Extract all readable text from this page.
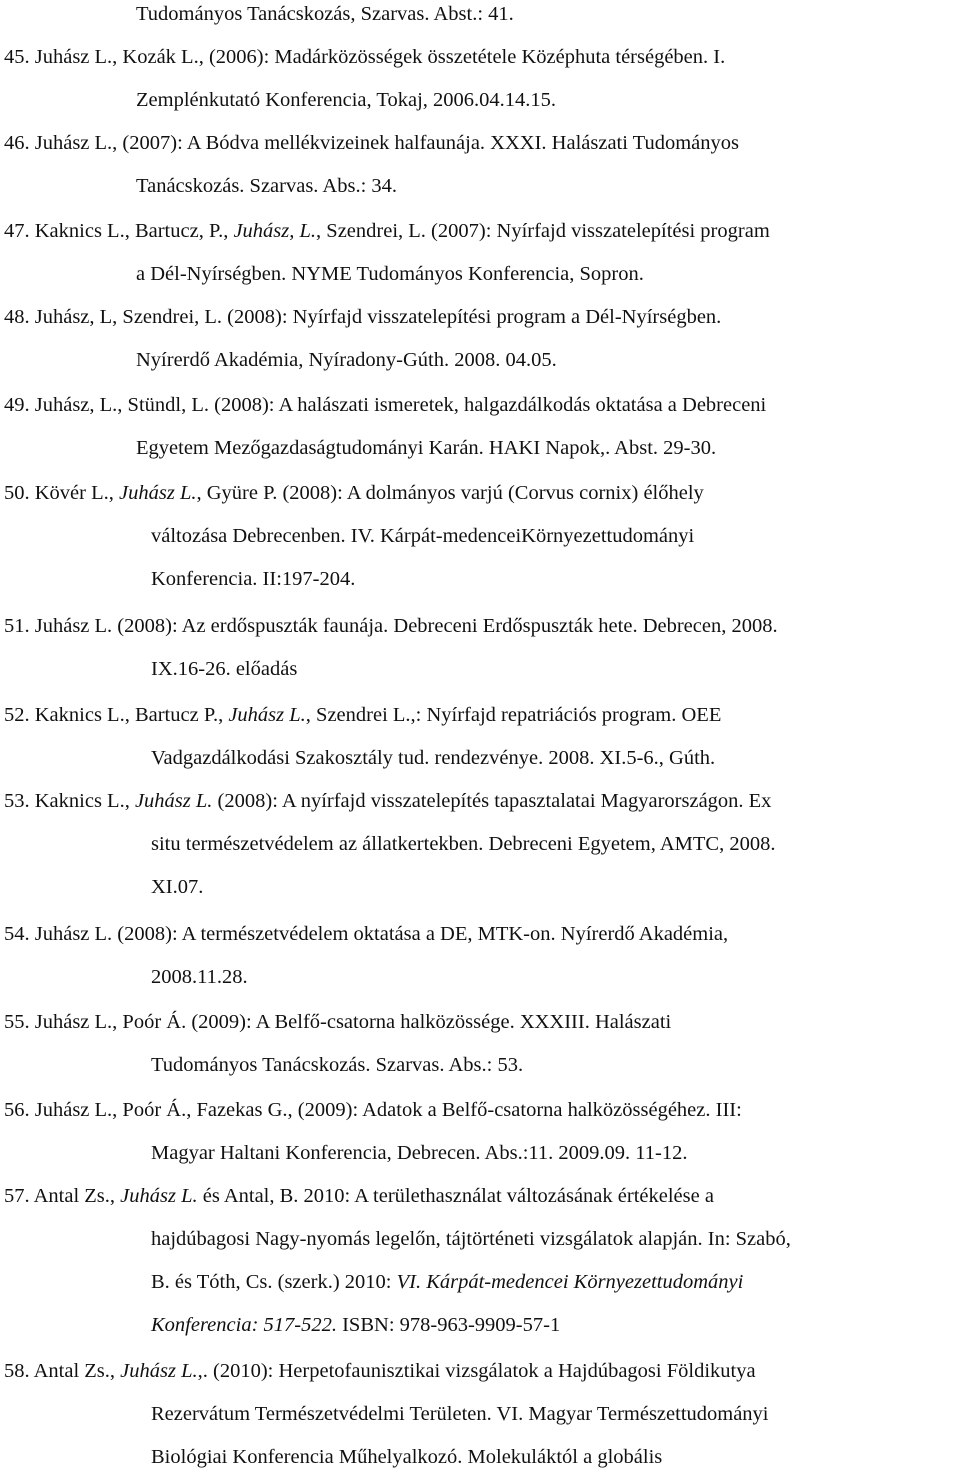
Tudományos Tanácskozás, Szarvas. Abst.: 41.
45. Juhász L., Kozák L., (2006): Madárközösségek összetétele Középhuta térségében. I.
Zemplénkutató Konferencia, Tokaj, 2006.04.14.15.
46. Juhász L., (2007): A Bódva mellékvizeinek halfaunája. XXXI. Halászati Tudományos
Tanácskozás. Szarvas. Abs.: 34.
47. Kaknics L., Bartucz, P., Juhász, L., Szendrei, L. (2007): Nyírfajd visszatelepítési program
a Dél-Nyírségben. NYME Tudományos Konferencia, Sopron.
48. Juhász, L, Szendrei, L. (2008): Nyírfajd visszatelepítési program a Dél-Nyírségben.
Nyírerdő Akadémia, Nyíradony-Gúth. 2008. 04.05.
49. Juhász, L., Stündl, L. (2008): A halászati ismeretek, halgazdálkodás oktatása a Debreceni
Egyetem Mezőgazdaságtudományi Karán. HAKI Napok,. Abst. 29-30.
50. Kövér L., Juhász L., Gyüre P. (2008): A dolmányos varjú (Corvus cornix) élőhely
változása Debrecenben. IV. Kárpát-medenceiKörnyezettudományi
Konferencia. II:197-204.
51. Juhász L. (2008): Az erdőspuszták faunája. Debreceni Erdőspuszták hete. Debrecen, 2008.
IX.16-26. előadás
52. Kaknics L., Bartucz P., Juhász L., Szendrei L.,: Nyírfajd repatriációs program. OEE
Vadgazdálkodási Szakosztály tud. rendezvénye. 2008. XI.5-6., Gúth.
53. Kaknics L., Juhász L. (2008): A nyírfajd visszatelepítés tapasztalatai Magyarországon. Ex
situ természetvédelem az állatkertekben. Debreceni Egyetem, AMTC, 2008.
XI.07.
54. Juhász L. (2008): A természetvédelem oktatása a DE, MTK-on. Nyírerdő Akadémia,
2008.11.28.
55. Juhász L., Poór Á. (2009): A Belfő-csatorna halközössége. XXXIII. Halászati
Tudományos Tanácskozás. Szarvas. Abs.: 53.
56. Juhász L., Poór Á., Fazekas G., (2009): Adatok a Belfő-csatorna halközösségéhez. III:
Magyar Haltani Konferencia, Debrecen. Abs.:11. 2009.09. 11-12.
57. Antal Zs., Juhász L. és Antal, B. 2010: A területhasználat változásának értékelése a
hajdúbagosi Nagy-nyomás legelőn, tájtörténeti vizsgálatok alapján. In: Szabó,
B. és Tóth, Cs. (szerk.) 2010: VI. Kárpát-medencei Környezettudományi
Konferencia: 517-522. ISBN: 978-963-9909-57-1
58. Antal Zs., Juhász L.,. (2010): Herpetofaunisztikai vizsgálatok a Hajdúbagosi Földikutya
Rezervátum Természetvédelmi Területen. VI. Magyar Természettudományi
Biológiai Konferencia Műhelyalkozó. Molekuláktól a globális
